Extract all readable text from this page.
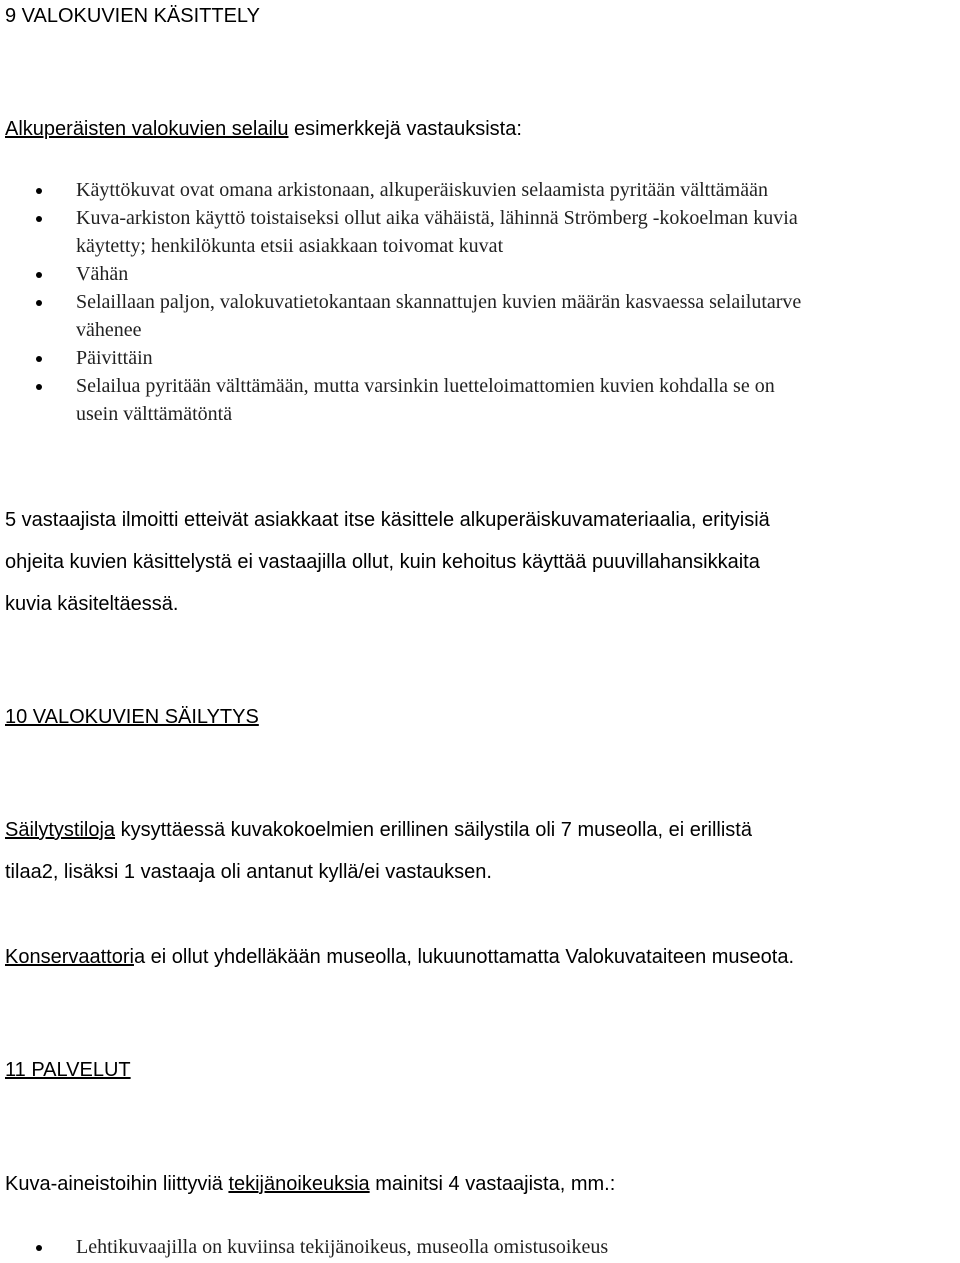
9 VALOKUVIEN KÄSITTELY

Alkuperäisten valokuvien selailu esimerkkejä vastauksista:

Käyttökuvat ovat omana arkistonaan, alkuperäiskuvien selaamista pyritään välttämään
Kuva-arkiston käyttö toistaiseksi ollut aika vähäistä, lähinnä Strömberg -kokoelman kuvia
käytetty; henkilökunta etsii asiakkaan toivomat kuvat
Vähän
Selaillaan paljon, valokuvatietokantaan skannattujen kuvien määrän kasvaessa selailutarve
vähenee
Päivittäin
Selailua pyritään välttämään, mutta varsinkin luetteloimattomien kuvien kohdalla se on
usein välttämätöntä

5 vastaajista ilmoitti etteivät asiakkaat itse käsittele alkuperäiskuvamateriaalia, erityisiä
ohjeita kuvien käsittelystä ei vastaajilla ollut, kuin kehoitus käyttää puuvillahansikkaita
kuvia käsiteltäessä.

10 VALOKUVIEN SÄILYTYS

Säilytystiloja kysyttäessä kuvakokoelmien erillinen säilystila oli 7 museolla, ei erillistä
tilaa2, lisäksi 1 vastaaja oli antanut kyllä/ei vastauksen.

Konservaattoria ei ollut yhdelläkään museolla, lukuunottamatta Valokuvataiteen museota.

11 PALVELUT

Kuva-aineistoihin liittyviä tekijänoikeuksia mainitsi 4 vastaajista, mm.:

Lehtikuvaajilla on kuviinsa tekijänoikeus, museolla omistusoikeus
